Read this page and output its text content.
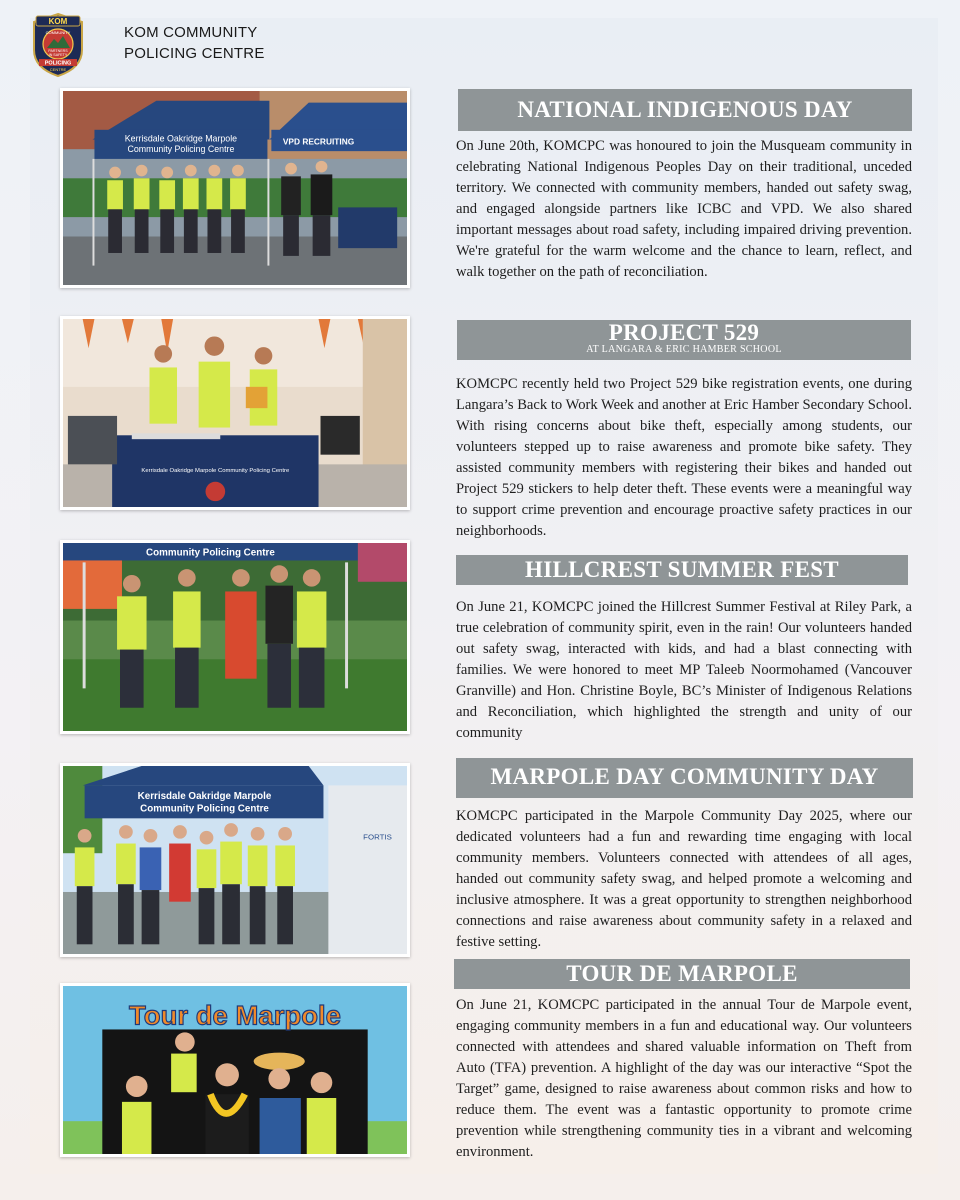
KOM
COMMUNITY
PARTNERS
IN SAFETY
POLICING
CENTRE
KOM COMMUNITY
POLICING CENTRE
Kerrisdale Oakridge Marpole
Community Policing Centre
VPD RECRUITING
Kerrisdale Oakridge Marpole Community Policing Centre
Community Policing Centre
Kerrisdale Oakridge Marpole
Community Policing Centre
FORTIS
Tour de Marpole
NATIONAL INDIGENOUS DAY
On June 20th, KOMCPC was honoured to join the Musqueam community in celebrating National Indigenous Peoples Day on their traditional, unceded territory. We connected with community members, handed out safety swag, and engaged alongside partners like ICBC and VPD. We also shared important messages about road safety, including impaired driving prevention. We're grateful for the warm welcome and the chance to learn, reflect, and walk together on the path of reconciliation.
PROJECT 529
AT LANGARA & ERIC HAMBER SCHOOL
KOMCPC recently held two Project 529 bike registration events, one during Langara’s Back to Work Week and another at Eric Hamber Secondary School. With rising concerns about bike theft, especially among students, our volunteers stepped up to raise awareness and promote bike safety. They assisted community members with registering their bikes and handed out Project 529 stickers to help deter theft. These events were a meaningful way to support crime prevention and encourage proactive safety practices in our neighborhoods.
HILLCREST SUMMER FEST
On June 21, KOMCPC joined the Hillcrest Summer Festival at Riley Park, a true celebration of community spirit, even in the rain! Our volunteers handed out safety swag, interacted with kids, and had a blast connecting with families. We were honored to meet MP Taleeb Noormohamed (Vancouver Granville) and Hon. Christine Boyle, BC’s Minister of Indigenous Relations and Reconciliation, which highlighted the strength and unity of our community
MARPOLE DAY COMMUNITY DAY
KOMCPC participated in the Marpole Community Day 2025, where our dedicated volunteers had a fun and rewarding time engaging with local community members. Volunteers connected with attendees of all ages, handed out community safety swag, and helped promote a welcoming and inclusive atmosphere. It was a great opportunity to strengthen neighborhood connections and raise awareness about community safety in a relaxed and festive setting.
TOUR DE MARPOLE
On June 21, KOMCPC participated in the annual Tour de Marpole event, engaging community members in a fun and educational way. Our volunteers connected with attendees and shared valuable information on Theft from Auto (TFA) prevention. A highlight of the day was our interactive “Spot the Target” game, designed to raise awareness about common risks and how to reduce them. The event was a fantastic opportunity to promote crime prevention while strengthening community ties in a vibrant and welcoming environment.
